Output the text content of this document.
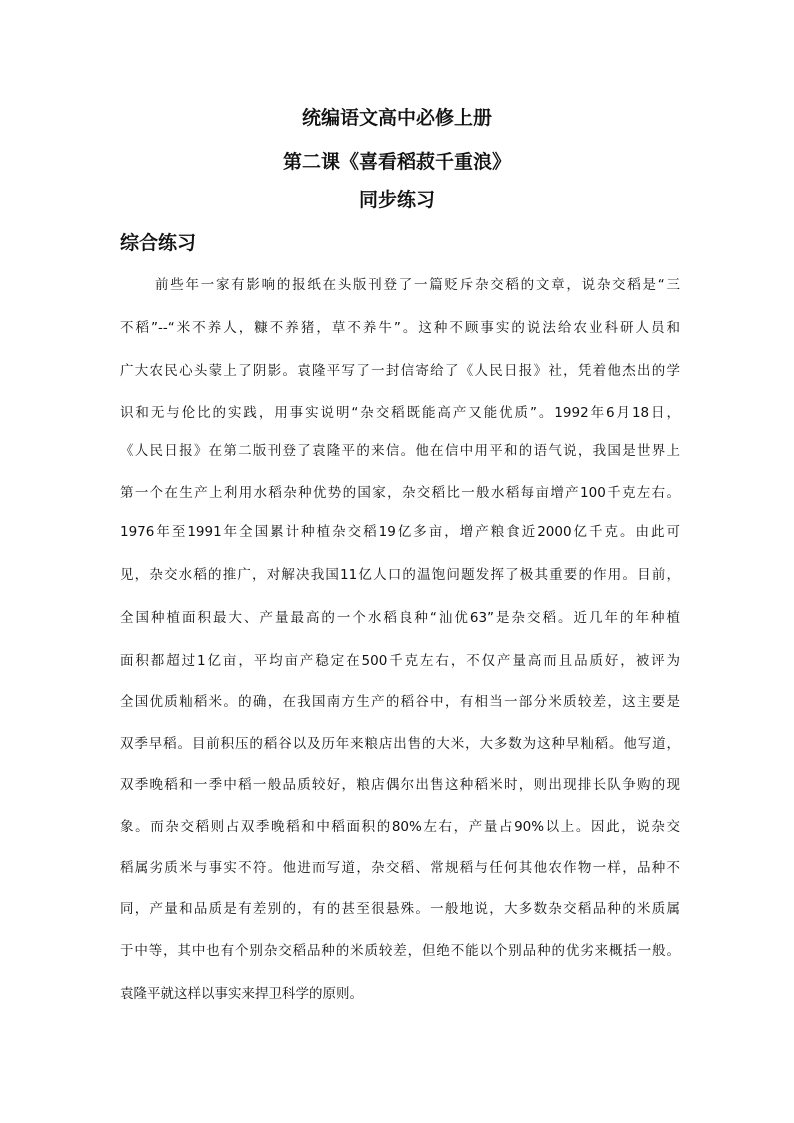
统编语文高中必修上册
第二课《喜看稻菽千重浪》
同步练习
综合练习
前些年一家有影响的报纸在头版刊登了一篇贬斥杂交稻的文章，说杂交稻是“三
不稻”--“米不养人，糠不养猪，草不养牛”。这种不顾事实的说法给农业科研人员和
广大农民心头蒙上了阴影。袁隆平写了一封信寄给了《人民日报》社，凭着他杰出的学
识和无与伦比的实践，用事实说明“杂交稻既能高产又能优质”。1992年6月18日，
《人民日报》在第二版刊登了袁隆平的来信。他在信中用平和的语气说，我国是世界上
第一个在生产上利用水稻杂种优势的国家，杂交稻比一般水稻每亩增产100千克左右。
1976年至1991年全国累计种植杂交稻19亿多亩，增产粮食近2000亿千克。由此可
见，杂交水稻的推广，对解决我国11亿人口的温饱问题发挥了极其重要的作用。目前，
全国种植面积最大、产量最高的一个水稻良种“汕优63”是杂交稻。近几年的年种植
面积都超过1亿亩，平均亩产稳定在500千克左右，不仅产量高而且品质好，被评为
全国优质籼稻米。的确，在我国南方生产的稻谷中，有相当一部分米质较差，这主要是
双季早稻。目前积压的稻谷以及历年来粮店出售的大米，大多数为这种早籼稻。他写道，
双季晚稻和一季中稻一般品质较好，粮店偶尔出售这种稻米时，则出现排长队争购的现
象。而杂交稻则占双季晚稻和中稻面积的80%左右，产量占90%以上。因此，说杂交
稻属劣质米与事实不符。他进而写道，杂交稻、常规稻与任何其他农作物一样，品种不
同，产量和品质是有差别的，有的甚至很悬殊。一般地说，大多数杂交稻品种的米质属
于中等，其中也有个别杂交稻品种的米质较差，但绝不能以个别品种的优劣来概括一般。
袁隆平就这样以事实来捍卫科学的原则。
